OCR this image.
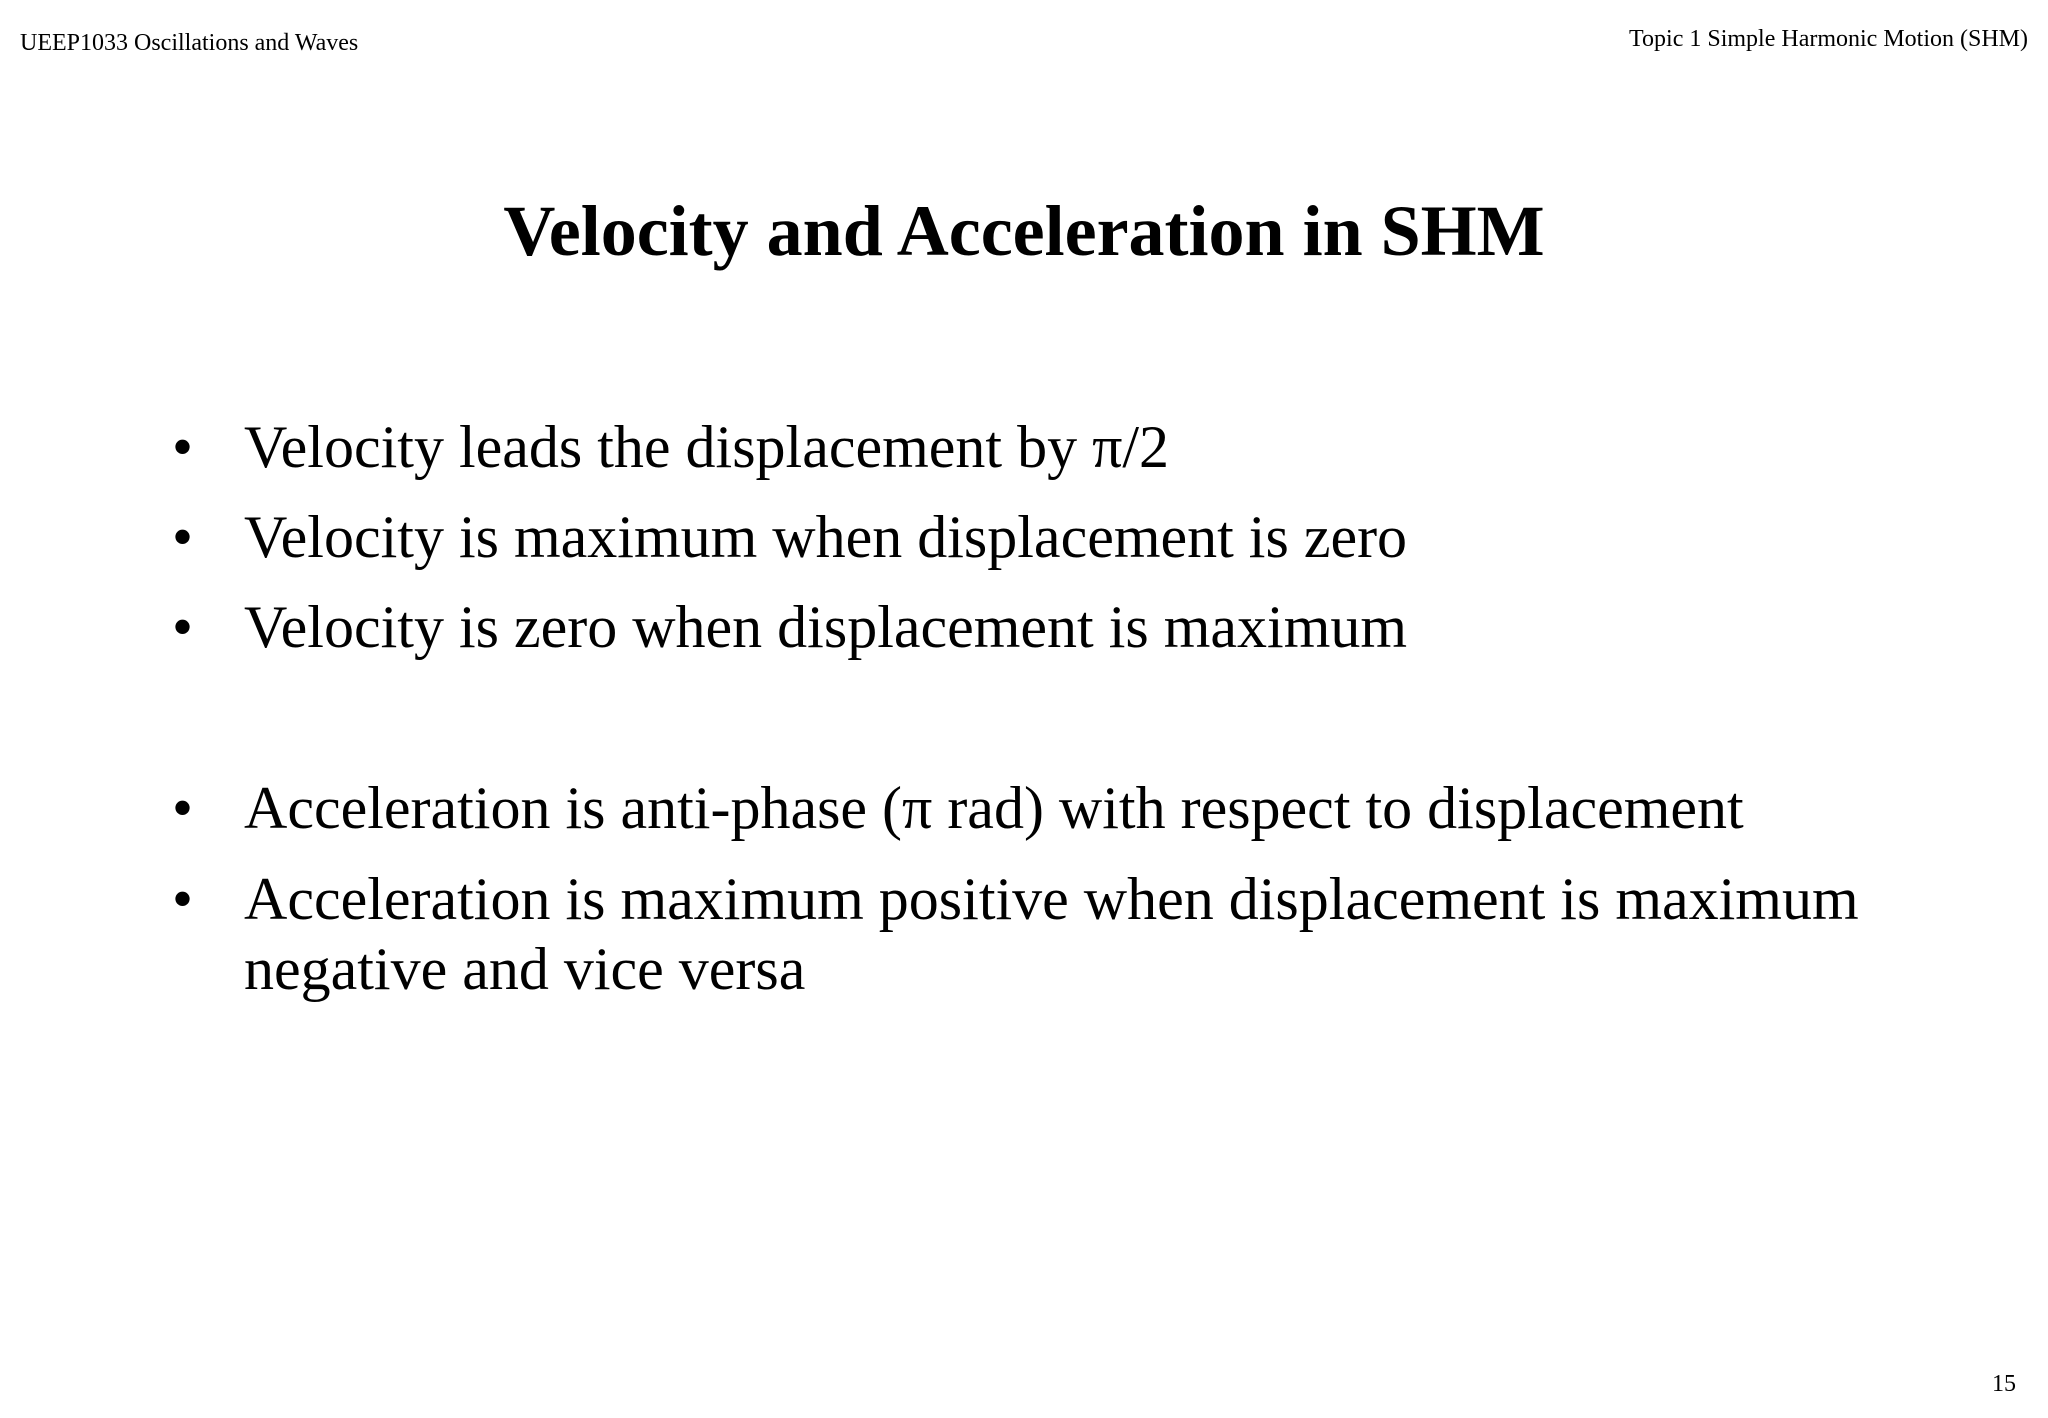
UEEP1033 Oscillations and Waves	Topic 1 Simple Harmonic Motion (SHM)
Velocity and Acceleration in SHM
• Velocity leads the displacement by π/2
• Velocity is maximum when displacement is zero
• Velocity is zero when displacement is maximum
• Acceleration is anti-phase (π rad) with respect to displacement
• Acceleration is maximum positive when displacement is maximum negative and vice versa
15
